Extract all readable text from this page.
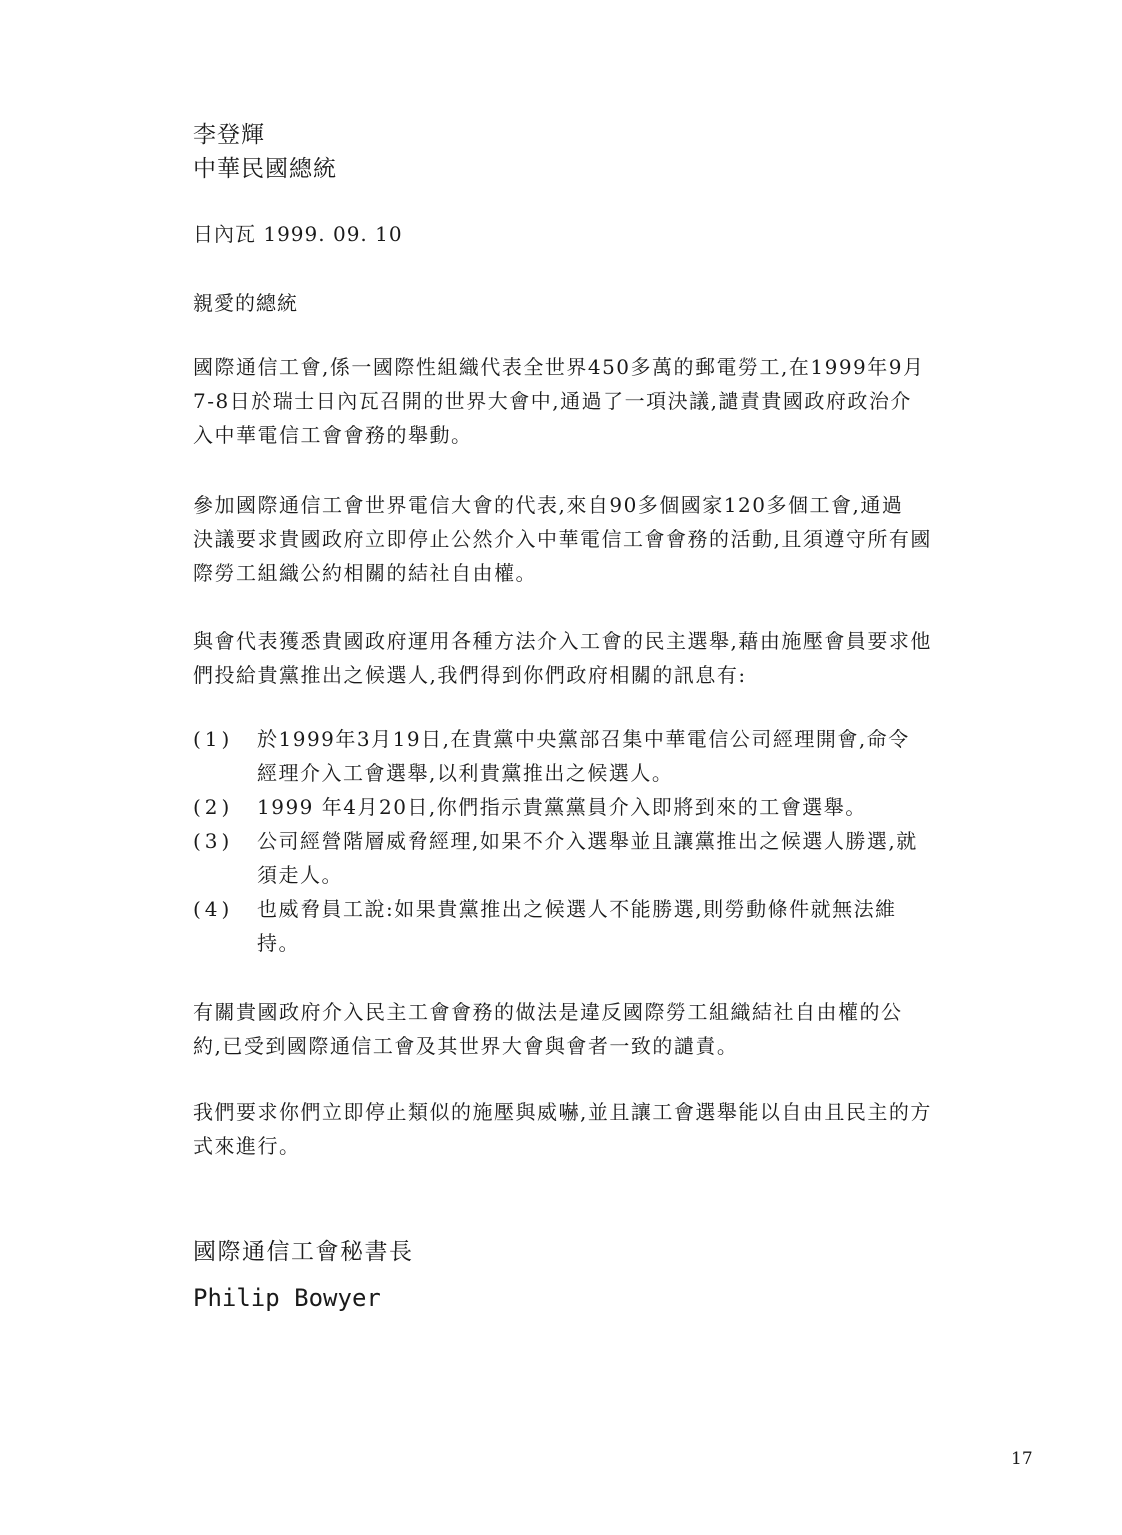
李登輝
中華民國總統
日內瓦 1999. 09. 10
親愛的總統

國際通信工會,係一國際性組織代表全世界450多萬的郵電勞工,在1999年9月
7-8日於瑞士日內瓦召開的世界大會中,通過了一項決議,譴責貴國政府政治介
入中華電信工會會務的舉動。

參加國際通信工會世界電信大會的代表,來自90多個國家120多個工會,通過
決議要求貴國政府立即停止公然介入中華電信工會會務的活動,且須遵守所有國
際勞工組織公約相關的結社自由權。

與會代表獲悉貴國政府運用各種方法介入工會的民主選舉,藉由施壓會員要求他
們投給貴黨推出之候選人,我們得到你們政府相關的訊息有:

(1)	於1999年3月19日,在貴黨中央黨部召集中華電信公司經理開會,命令
經理介入工會選舉,以利貴黨推出之候選人。
(2)	1999 年4月20日,你們指示貴黨黨員介入即將到來的工會選舉。
(3)	公司經營階層威脅經理,如果不介入選舉並且讓黨推出之候選人勝選,就
須走人。
(4)	也威脅員工說:如果貴黨推出之候選人不能勝選,則勞動條件就無法維
持。

有關貴國政府介入民主工會會務的做法是違反國際勞工組織結社自由權的公
約,已受到國際通信工會及其世界大會與會者一致的譴責。

我們要求你們立即停止類似的施壓與威嚇,並且讓工會選舉能以自由且民主的方
式來進行。

國際通信工會秘書長
Philip Bowyer
17
